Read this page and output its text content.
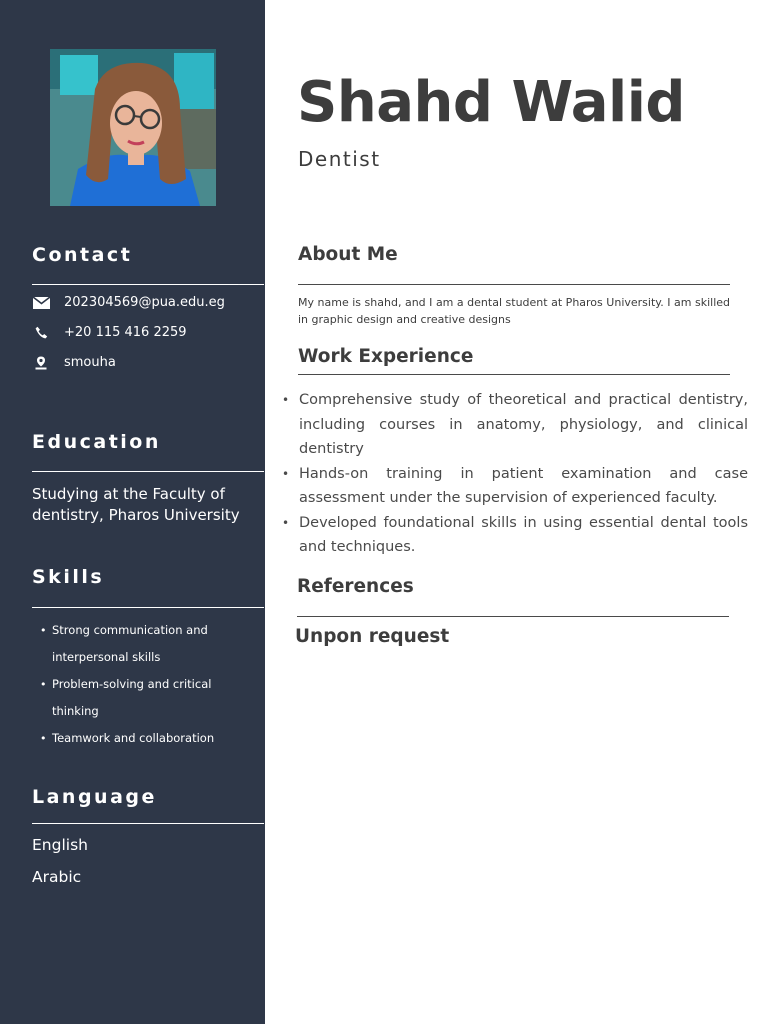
Contact
202304569@pua.edu.eg
+20 115 416 2259
smouha
Education
Studying at the Faculty of dentistry, Pharos University
Skills
• Strong communication and interpersonal skills
• Problem-solving and critical thinking
• Teamwork and collaboration
Language
English
Arabic
Shahd Walid
Dentist
About Me

My name is shahd, and I am a dental student at Pharos University. I am skilled in graphic design and creative designs

Work Experience
• Comprehensive study of theoretical and practical dentistry, including courses in anatomy, physiology, and clinical dentistry
• Hands-on training in patient examination and case assessment under the supervision of experienced faculty.
• Developed foundational skills in using essential dental tools and techniques.
References
Unpon request
